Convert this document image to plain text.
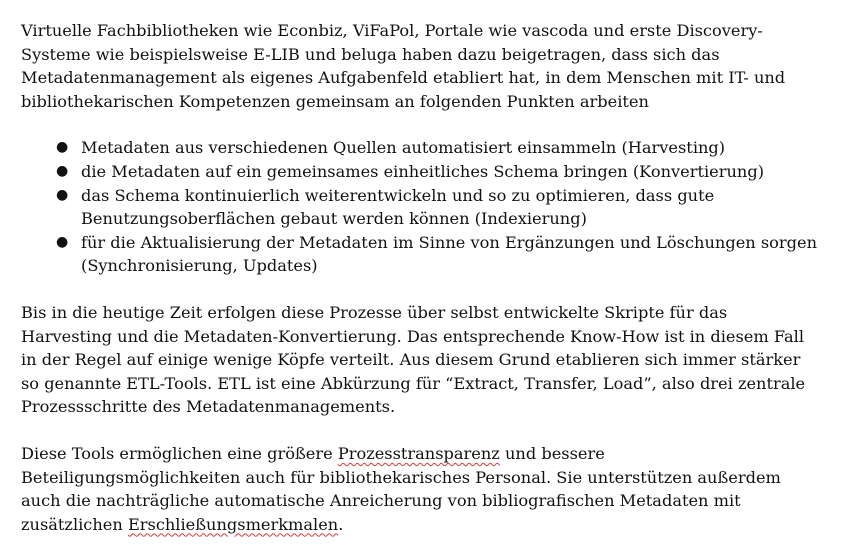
Virtuelle Fachbibliotheken wie Econbiz, ViFaPol, Portale wie vascoda und erste Discovery-Systeme wie beispielsweise E-LIB und beluga haben dazu beigetragen, dass sich das Metadatenmanagement als eigenes Aufgabenfeld etabliert hat, in dem Menschen mit IT- und bibliothekarischen Kompetenzen gemeinsam an folgenden Punkten arbeiten

● Metadaten aus verschiedenen Quellen automatisiert einsammeln (Harvesting)
● die Metadaten auf ein gemeinsames einheitliches Schema bringen (Konvertierung)
● das Schema kontinuierlich weiterentwickeln und so zu optimieren, dass gute Benutzungsoberflächen gebaut werden können (Indexierung)
● für die Aktualisierung der Metadaten im Sinne von Ergänzungen und Löschungen sorgen (Synchronisierung, Updates)

Bis in die heutige Zeit erfolgen diese Prozesse über selbst entwickelte Skripte für das Harvesting und die Metadaten-Konvertierung. Das entsprechende Know-How ist in diesem Fall in der Regel auf einige wenige Köpfe verteilt. Aus diesem Grund etablieren sich immer stärker so genannte ETL-Tools. ETL ist eine Abkürzung für “Extract, Transfer, Load”, also drei zentrale Prozessschritte des Metadatenmanagements.

Diese Tools ermöglichen eine größere Prozesstransparenz und bessere Beteiligungsmöglichkeiten auch für bibliothekarisches Personal. Sie unterstützen außerdem auch die nachträgliche automatische Anreicherung von bibliografischen Metadaten mit zusätzlichen Erschließungsmerkmalen.
